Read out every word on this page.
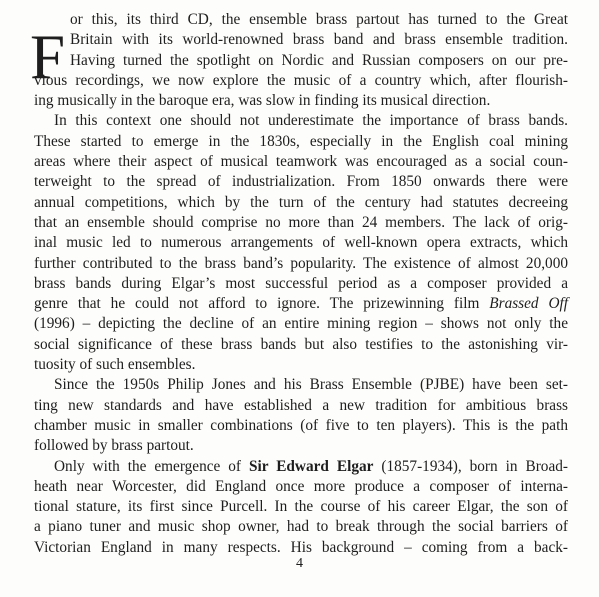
F
or this, its third CD, the ensemble brass partout has turned to the Great
Britain with its world-renowned brass band and brass ensemble tradition.
Having turned the spotlight on Nordic and Russian composers on our pre-
vious recordings, we now explore the music of a country which, after flourish-
ing musically in the baroque era, was slow in finding its musical direction.
In this context one should not underestimate the importance of brass bands.
These started to emerge in the 1830s, especially in the English coal mining
areas where their aspect of musical teamwork was encouraged as a social coun-
terweight to the spread of industrialization. From 1850 onwards there were
annual competitions, which by the turn of the century had statutes decreeing
that an ensemble should comprise no more than 24 members. The lack of orig-
inal music led to numerous arrangements of well-known opera extracts, which
further contributed to the brass band’s popularity. The existence of almost 20,000
brass bands during Elgar’s most successful period as a composer provided a
genre that he could not afford to ignore. The prizewinning film Brassed Off
(1996) – depicting the decline of an entire mining region – shows not only the
social significance of these brass bands but also testifies to the astonishing vir-
tuosity of such ensembles.
Since the 1950s Philip Jones and his Brass Ensemble (PJBE) have been set-
ting new standards and have established a new tradition for ambitious brass
chamber music in smaller combinations (of five to ten players). This is the path
followed by brass partout.
Only with the emergence of Sir Edward Elgar (1857-1934), born in Broad-
heath near Worcester, did England once more produce a composer of interna-
tional stature, its first since Purcell. In the course of his career Elgar, the son of
a piano tuner and music shop owner, had to break through the social barriers of
Victorian England in many respects. His background – coming from a back-
4
